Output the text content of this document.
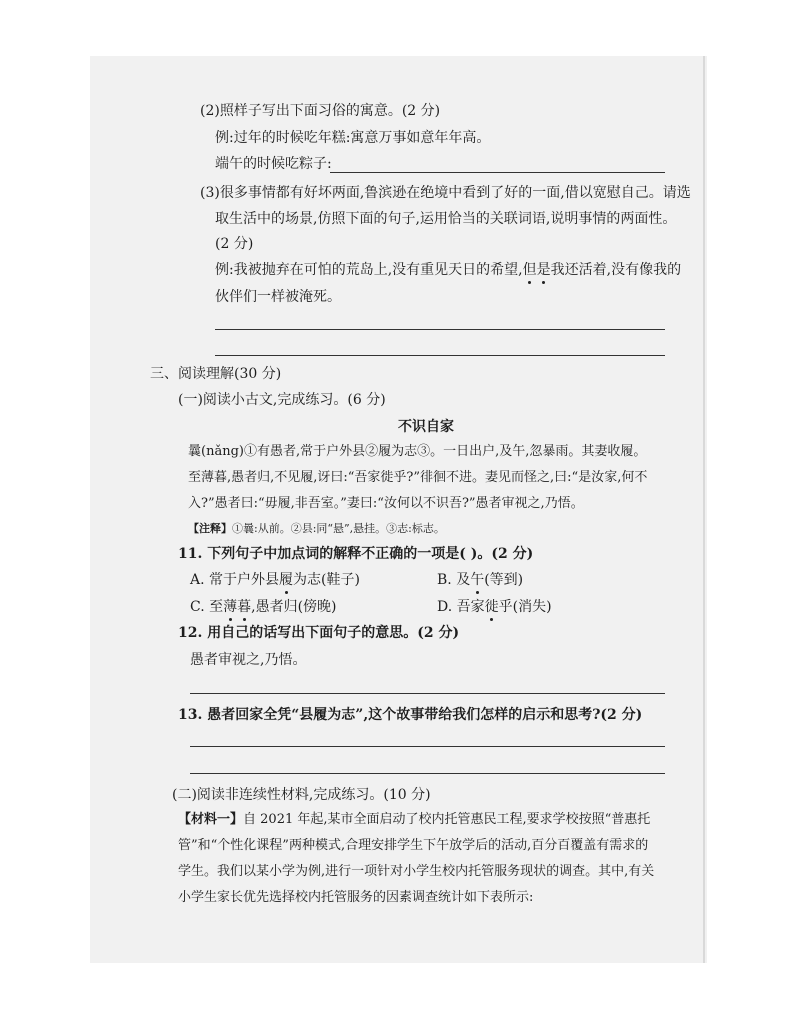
(2)照样子写出下面习俗的寓意。(2 分)
例:过年的时候吃年糕:寓意万事如意年年高。
端午的时候吃粽子:
(3)很多事情都有好坏两面,鲁滨逊在绝境中看到了好的一面,借以宽慰自己。请选
取生活中的场景,仿照下面的句子,运用恰当的关联词语,说明事情的两面性。
(2 分)
例:我被抛弃在可怕的荒岛上,没有重见天日的希望,但是我还活着,没有像我的
伙伴们一样被淹死。
三、阅读理解(30 分)
(一)阅读小古文,完成练习。(6 分)
不识自家
曩(nǎng)①有愚者,常于户外县②履为志③。一日出户,及午,忽暴雨。其妻收履。
至薄暮,愚者归,不见履,讶曰:“吾家徙乎?”徘徊不进。妻见而怪之,曰:“是汝家,何不
入?”愚者曰:“毋履,非吾室。”妻曰:“汝何以不识吾?”愚者审视之,乃悟。
【注释】①曩:从前。②县:同“悬”,悬挂。③志:标志。
11. 下列句子中加点词的解释不正确的一项是( )。(2 分)
A. 常于户外县履为志(鞋子)	B. 及午(等到)
C. 至薄暮,愚者归(傍晚)	D. 吾家徙乎(消失)
12. 用自己的话写出下面句子的意思。(2 分)
愚者审视之,乃悟。
13. 愚者回家全凭“县履为志”,这个故事带给我们怎样的启示和思考?(2 分)
(二)阅读非连续性材料,完成练习。(10 分)
【材料一】自 2021 年起,某市全面启动了校内托管惠民工程,要求学校按照“普惠托
管”和“个性化课程”两种模式,合理安排学生下午放学后的活动,百分百覆盖有需求的
学生。我们以某小学为例,进行一项针对小学生校内托管服务现状的调查。其中,有关
小学生家长优先选择校内托管服务的因素调查统计如下表所示:
